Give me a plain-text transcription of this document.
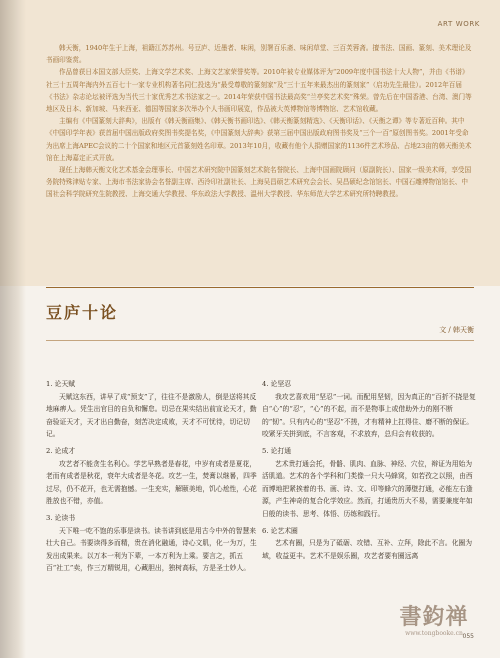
ART WORK

韩天衡，1940年生于上海，祖籍江苏苏州。号豆庐、近墨者、味闲，别署百乐斋、味闲草堂、三百芙蓉斋。擅书法、国画、篆刻、美术理论及书画印鉴赏。

作品曾获日本国文部大臣奖、上海文学艺术奖、上海文艺家荣誉奖等。2010年被专业媒体评为“2009年度中国书法十大人物”，并由《书谱》社三十五周年海内外五百七十一家专业机构著名同仁投选为“最受尊敬的篆刻家”及“三十五年来最杰出的篆刻家”（启功先生最佳）。2012年百届《书法》杂志论坛被评选为当代三十家优秀艺术书法家之一。2014年荣获中国书法最高奖“兰亭奖艺术奖”殊荣。曾先后在中国香港、台湾、澳门等地区及日本、新加坡、马来西亚、德国等国家多次举办个人书画印展览，作品被大英博物馆等博物馆、艺术馆收藏。

主编有《中国篆刻大辞典》，出版有《韩天衡画集》、《韩天衡书画印选》、《韩天衡篆刻精选》、《天衡印话》、《天衡之谭》等专著近百种。其中《中国印学年表》获首届中国出版政府奖图书奖提名奖，《中国篆刻大辞典》获第三届中国出版政府图书奖及“三个一百”原创图书奖。2001年受命为出席上海APEC会议的二十个国家和地区元首篆刻姓名印章。2013年10月，收藏有他个人捐赠国家的1136件艺术珍品、占地23亩的韩天衡美术馆在上海嘉定正式开放。

现任上海韩天衡文化艺术基金会理事长、中国艺术研究院中国篆刻艺术院名誉院长、上海中国画院顾问（原副院长）、国家一级美术师，享受国务院特殊津贴专家、上海市书法家协会名誉副主席、西泠印社副社长、上海吴昌硕艺术研究会会长、吴昌硕纪念馆馆长、中国石雕博物馆馆长、中国社会科学院研究生院教授、上海交通大学教授、华东政法大学教授、温州大学教授、华东师范大学艺术研究所特聘教授。

豆庐十论
文 / 韩天衡

1. 论天赋

天赋这东西，讲早了成“预支”了，往往不是激励人，倒是送将其反地麻痹人。凭生出官目的自负和懈怠。切忌在果实结出前宣论天才，勤奋验证天才，天才出自勤奋，刻苦决定成败，天才不可忧待，切记切记。

2. 论成才

攻艺者不能贪生名利心。学艺早熟者是春花，中岁有成者是夏花，老而有成者是秋花，衰年大成者是冬花。攻艺一生，焚膏以继晷，四季过尽，仍不花开，也无需抱憾。一生充实，解颐美地，饥心尬性，心花胜放也不错，亦值。

3. 论读书

天下唯一吃不饱的乐事是读书。读书讲到底是用古今中外的智慧来壮大自己。书要读得多而精，贵在消化融通，诗心文肌，化一为万，生发出成果来。以万本一利为下辈，一本万利为上乘。要言之，抓五百“社工”卖，作三万精锐用，心藏胆出，独树高标，方是圣士妙人。

4. 论坚忍

我攻艺喜欢用“坚忍”一词。而配用坚韧，因为真正的“百折不挠是复自“心”的“忍”，“心”的不起，而不是物事上或借助外力的刚不断的“韧”。只有内心的“坚忍”不搓，才有精神上扛得住、磨不断的保证。咬紧牙关拼到底，不言客观，不求放弃，总归会有收获的。

5. 论打通

艺术贵打通会托，骨骼、肌肉、血脉、神经、穴位，辩证为用始为活肌道。艺术的各个学科和门类像一只大马蜂窝，如若孜之以照，由西而博地把紧挨着的书、画、诗、文、印等蜂穴的薄壁打通，必能左右逢源，产生神奇的复合化学效应。然而，打通贵历大不易，需要兼度年如日般的读书、思考、体悟、历练和践行。

6. 论艺术圈

艺术有圈，只是为了砥砺、攻错、互补、立拜，除此不言。化圈为域，收益更丰。艺术不是娱乐圈，攻艺者要有圈远离

055
書鈞禅
www.tongbooke.cn
